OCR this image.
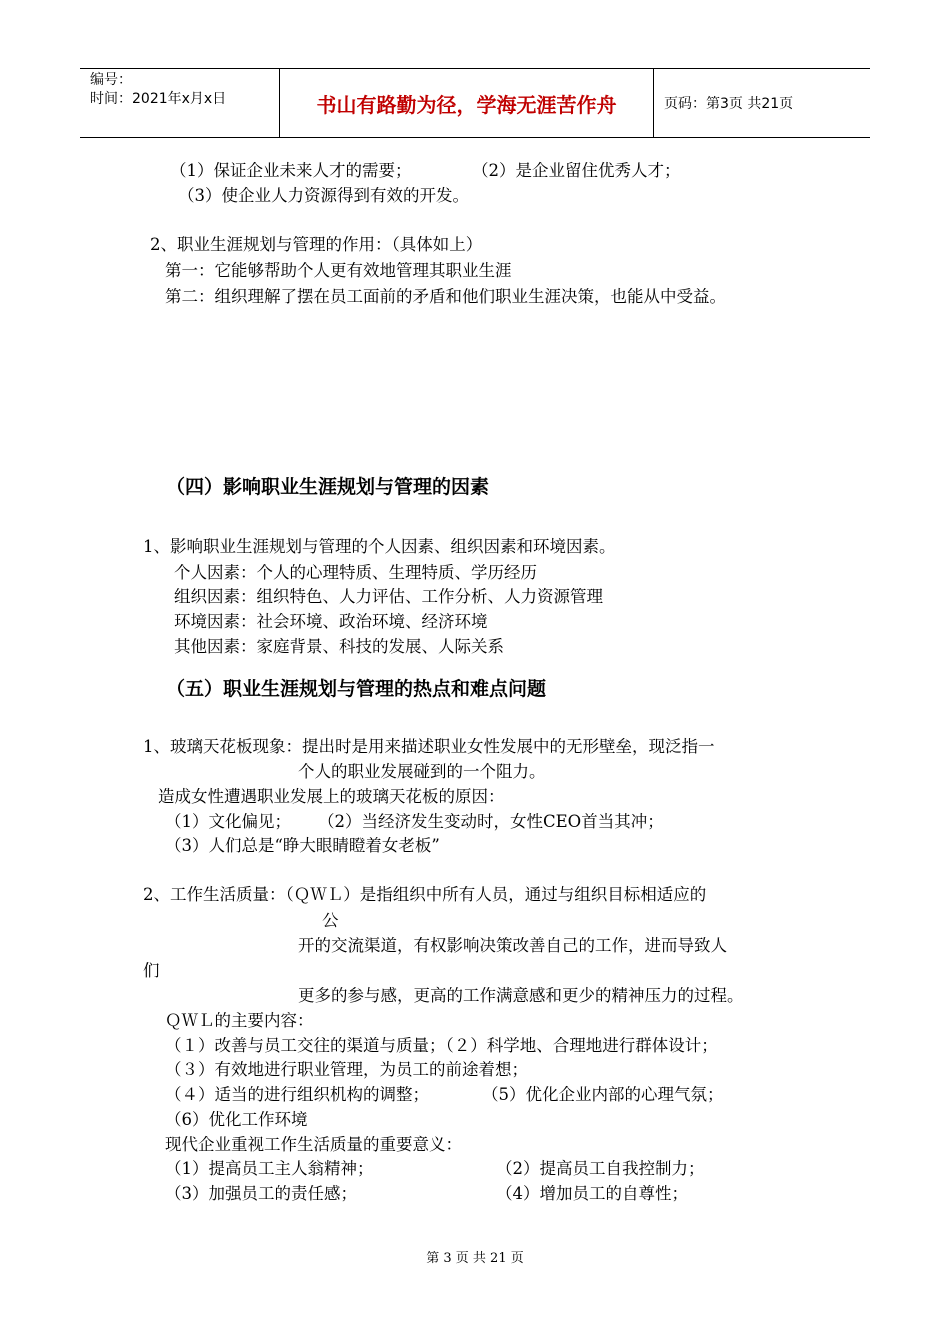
编号：
时间：2021年x月x日	书山有路勤为径，学海无涯苦作舟	页码：第3页 共21页
（1）保证企业未来人才的需要；	（2）是企业留住优秀人才；
（3）使企业人力资源得到有效的开发。
2、职业生涯规划与管理的作用：（具体如上）
第一：它能够帮助个人更有效地管理其职业生涯
第二：组织理解了摆在员工面前的矛盾和他们职业生涯决策，也能从中受益。
（四）影响职业生涯规划与管理的因素
1、影响职业生涯规划与管理的个人因素、组织因素和环境因素。
个人因素：个人的心理特质、生理特质、学历经历
组织因素：组织特色、人力评估、工作分析、人力资源管理
环境因素：社会环境、政治环境、经济环境
其他因素：家庭背景、科技的发展、人际关系
（五）职业生涯规划与管理的热点和难点问题
1、玻璃天花板现象：提出时是用来描述职业女性发展中的无形壁垒，现泛指一
个人的职业发展碰到的一个阻力。
造成女性遭遇职业发展上的玻璃天花板的原因：
（1）文化偏见； （2）当经济发生变动时，女性CEO首当其冲；
（3）人们总是“睁大眼睛瞪着女老板”
2、工作生活质量：（ＱＷＬ）是指组织中所有人员，通过与组织目标相适应的
公
开的交流渠道，有权影响决策改善自己的工作，进而导致人
们
更多的参与感，更高的工作满意感和更少的精神压力的过程。
ＱＷＬ的主要内容：
（１）改善与员工交往的渠道与质量；（２）科学地、合理地进行群体设计；
（３）有效地进行职业管理，为员工的前途着想；
（４）适当的进行组织机构的调整；	（5）优化企业内部的心理气氛；
（6）优化工作环境
现代企业重视工作生活质量的重要意义：
（1）提高员工主人翁精神；	（2）提高员工自我控制力；
（3）加强员工的责任感；	（4）增加员工的自尊性；
第 3 页 共 21 页
